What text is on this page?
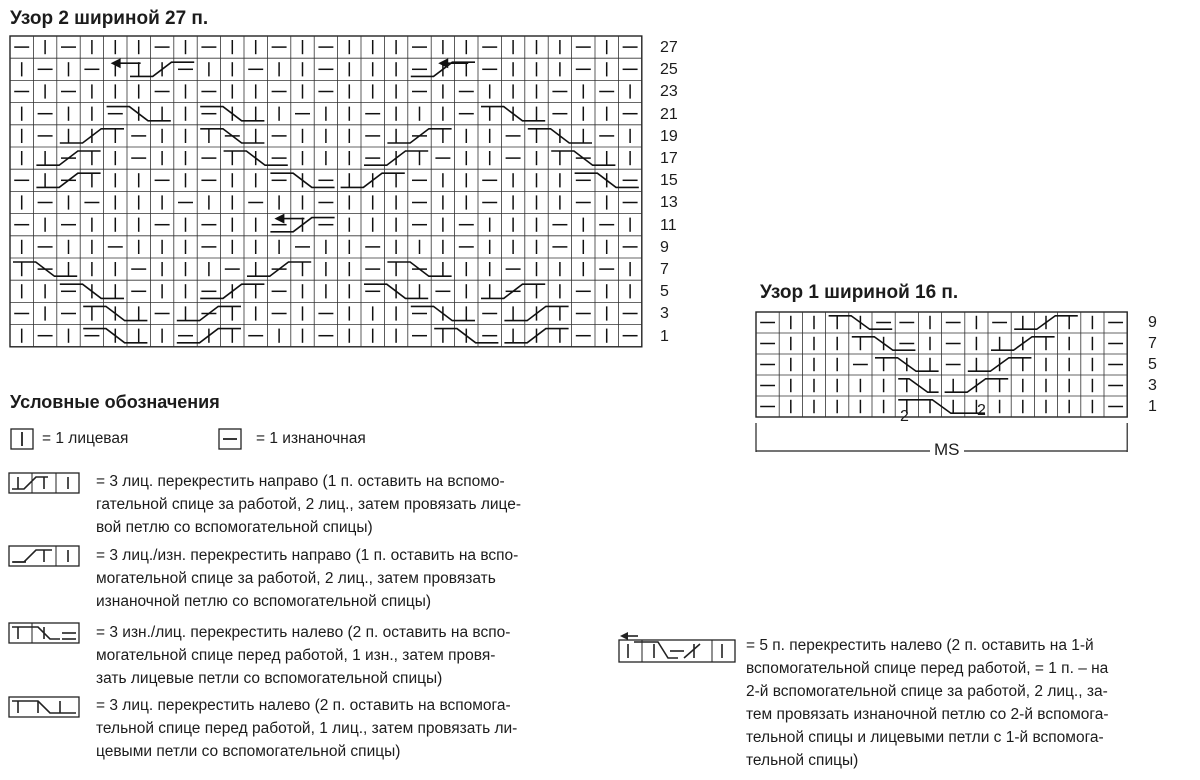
Узор 2 шириной 27 п.
27
25
23
21
19
17
15
13
11
9
7
5
3
1
Узор 1 шириной 16 п.
9
7
5
3
1
2	2
MS
Условные обозначения
= 1 лицевая	= 1 изнаночная

= 3 лиц. перекрестить направо (1 п. оставить на вспомо-
гательной спице за работой, 2 лиц., затем провязать лице-
вой петлю со вспомогательной спицы)

= 3 лиц./изн. перекрестить направо (1 п. оставить на вспо-
могательной спице за работой, 2 лиц., затем провязать
изнаночной петлю со вспомогательной спицы)

= 3 изн./лиц. перекрестить налево (2 п. оставить на вспо-
могательной спице перед работой, 1 изн., затем провя-
зать лицевые петли со вспомогательной спицы)

= 3 лиц. перекрестить налево (2 п. оставить на вспомога-
тельной спице перед работой, 1 лиц., затем провязать ли-
цевыми петли со вспомогательной спицы)

= 5 п. перекрестить налево (2 п. оставить на 1-й
вспомогательной спице перед работой, = 1 п. – на
2-й вспомогательной спице за работой, 2 лиц., за-
тем провязать изнаночной петлю со 2-й вспомога-
тельной спицы и лицевыми петли с 1-й вспомога-
тельной спицы)
